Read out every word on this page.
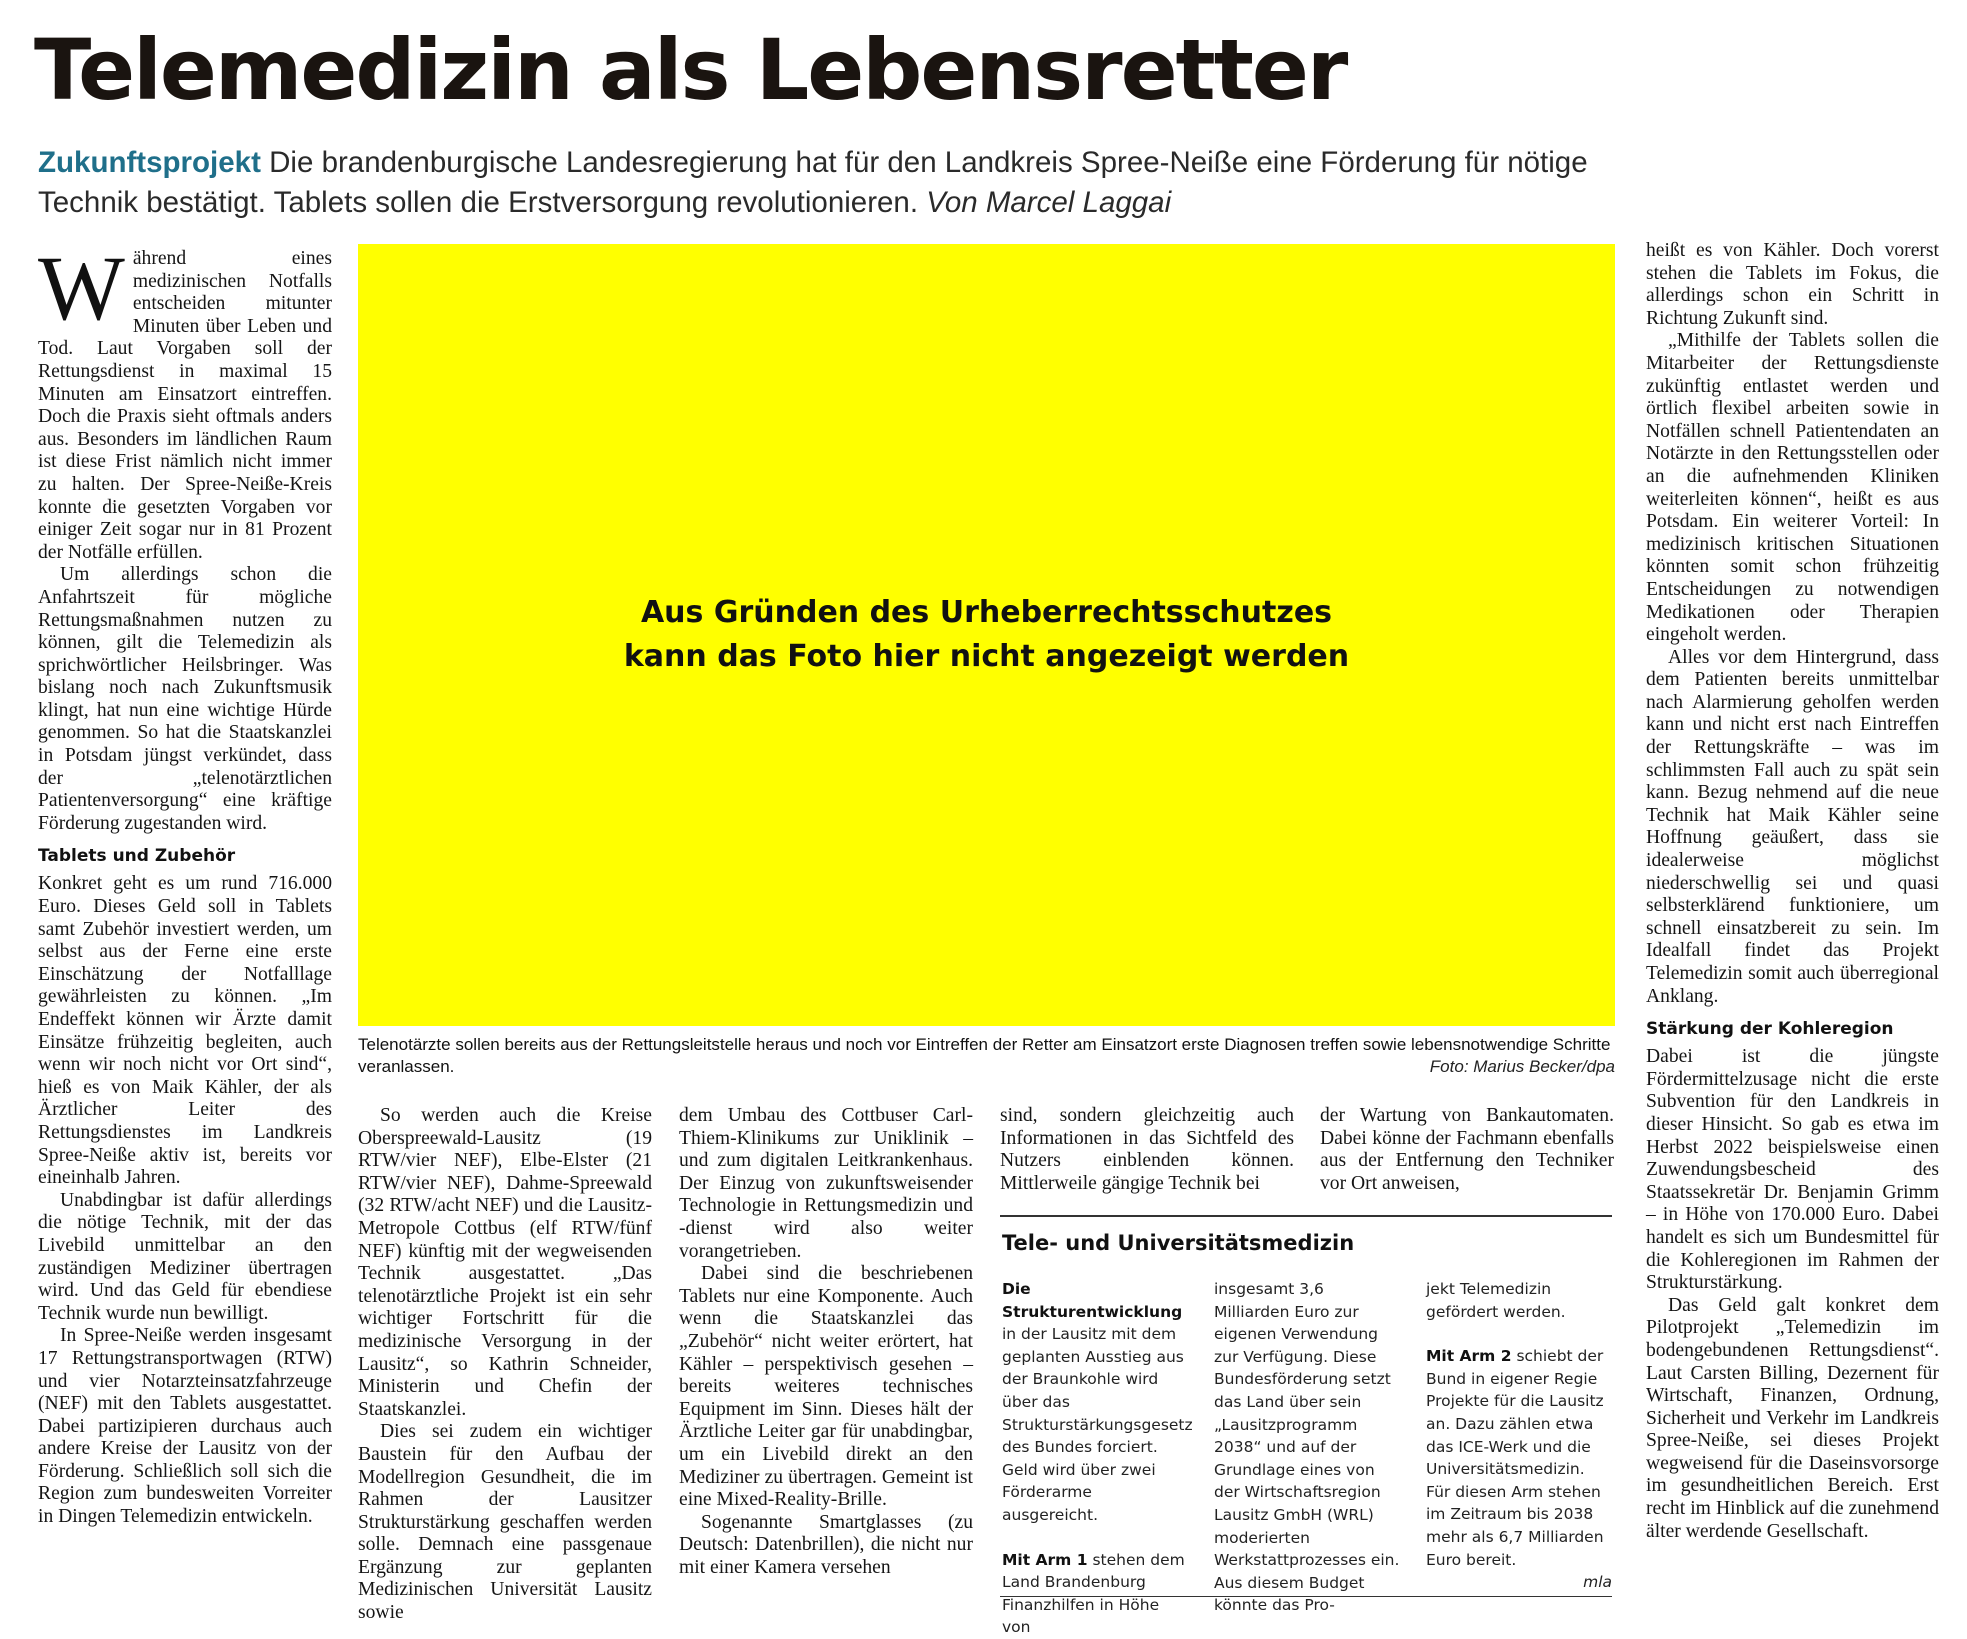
Telemedizin als Lebensretter
Zukunftsprojekt Die brandenburgische Landesregierung hat für den Landkreis Spree-Neiße eine Förderung für nötige Technik bestätigt. Tablets sollen die Erstversorgung revolutionieren. Von Marcel Laggai

Während eines medizinischen Notfalls entscheiden mitunter Minuten über Leben und Tod. Laut Vorgaben soll der Rettungsdienst in maximal 15 Minuten am Einsatzort eintreffen. Doch die Praxis sieht oftmals anders aus. Besonders im ländlichen Raum ist diese Frist nämlich nicht immer zu halten. Der Spree-Neiße-Kreis konnte die gesetzten Vorgaben vor einiger Zeit sogar nur in 81 Prozent der Notfälle erfüllen.

Um allerdings schon die Anfahrtszeit für mögliche Rettungsmaßnahmen nutzen zu können, gilt die Telemedizin als sprichwörtlicher Heilsbringer. Was bislang noch nach Zukunftsmusik klingt, hat nun eine wichtige Hürde genommen. So hat die Staatskanzlei in Potsdam jüngst verkündet, dass der „telenotärztlichen Patientenversorgung“ eine kräftige Förderung zugestanden wird.

Tablets und Zubehör

Konkret geht es um rund 716.000 Euro. Dieses Geld soll in Tablets samt Zubehör investiert werden, um selbst aus der Ferne eine erste Einschätzung der Notfalllage gewährleisten zu können. „Im Endeffekt können wir Ärzte damit Einsätze frühzeitig begleiten, auch wenn wir noch nicht vor Ort sind“, hieß es von Maik Kähler, der als Ärztlicher Leiter des Rettungsdienstes im Landkreis Spree-Neiße aktiv ist, bereits vor eineinhalb Jahren.

Unabdingbar ist dafür allerdings die nötige Technik, mit der das Livebild unmittelbar an den zuständigen Mediziner übertragen wird. Und das Geld für ebendiese Technik wurde nun bewilligt.

In Spree-Neiße werden insgesamt 17 Rettungstransportwagen (RTW) und vier Notarzteinsatzfahrzeuge (NEF) mit den Tablets ausgestattet. Dabei partizipieren durchaus auch andere Kreise der Lausitz von der Förderung. Schließlich soll sich die Region zum bundesweiten Vorreiter in Dingen Telemedizin entwickeln.

Aus Gründen des Urheberrechtsschutzes
kann das Foto hier nicht angezeigt werden
Telenotärzte sollen bereits aus der Rettungsleitstelle heraus und noch vor Eintreffen der Retter am Einsatzort erste Diagnosen treffen sowie lebensnotwendige Schritte veranlassen.	Foto: Marius Becker/dpa

So werden auch die Kreise Oberspreewald-Lausitz (19 RTW/vier NEF), Elbe-Elster (21 RTW/vier NEF), Dahme-Spreewald (32 RTW/acht NEF) und die Lausitz-Metropole Cottbus (elf RTW/fünf NEF) künftig mit der wegweisenden Technik ausgestattet. „Das telenotärztliche Projekt ist ein sehr wichtiger Fortschritt für die medizinische Versorgung in der Lausitz“, so Kathrin Schneider, Ministerin und Chefin der Staatskanzlei.

Dies sei zudem ein wichtiger Baustein für den Aufbau der Modellregion Gesundheit, die im Rahmen der Lausitzer Strukturstärkung geschaffen werden solle. Demnach eine passgenaue Ergänzung zur geplanten Medizinischen Universität Lausitz sowie

dem Umbau des Cottbuser Carl-Thiem-Klinikums zur Uniklinik – und zum digitalen Leitkrankenhaus. Der Einzug von zukunftsweisender Technologie in Rettungsmedizin und -dienst wird also weiter vorangetrieben.

Dabei sind die beschriebenen Tablets nur eine Komponente. Auch wenn die Staatskanzlei das „Zubehör“ nicht weiter erörtert, hat Kähler – perspektivisch gesehen – bereits weiteres technisches Equipment im Sinn. Dieses hält der Ärztliche Leiter gar für unabdingbar, um ein Livebild direkt an den Mediziner zu übertragen. Gemeint ist eine Mixed-Reality-Brille.

Sogenannte Smartglasses (zu Deutsch: Datenbrillen), die nicht nur mit einer Kamera versehen

sind, sondern gleichzeitig auch Informationen in das Sichtfeld des Nutzers einblenden können. Mittlerweile gängige Technik bei

der Wartung von Bankautomaten. Dabei könne der Fachmann ebenfalls aus der Entfernung den Techniker vor Ort anweisen,

Tele- und Universitätsmedizin

Die Strukturentwicklung in der Lausitz mit dem geplanten Ausstieg aus der Braunkohle wird über das Strukturstärkungsgesetz des Bundes forciert. Geld wird über zwei Förderarme ausgereicht.

Mit Arm 1 stehen dem Land Brandenburg Finanzhilfen in Höhe von

insgesamt 3,6 Milliarden Euro zur eigenen Verwendung zur Verfügung. Diese Bundesförderung setzt das Land über sein „Lausitzprogramm 2038“ und auf der Grundlage eines von der Wirtschaftsregion Lausitz GmbH (WRL) moderierten Werkstattprozesses ein. Aus diesem Budget könnte das Pro-

jekt Telemedizin gefördert werden.

Mit Arm 2 schiebt der Bund in eigener Regie Projekte für die Lausitz an. Dazu zählen etwa das ICE-Werk und die Universitätsmedizin. Für diesen Arm stehen im Zeitraum bis 2038 mehr als 6,7 Milliarden Euro bereit.

mla

heißt es von Kähler. Doch vorerst stehen die Tablets im Fokus, die allerdings schon ein Schritt in Richtung Zukunft sind.

„Mithilfe der Tablets sollen die Mitarbeiter der Rettungsdienste zukünftig entlastet werden und örtlich flexibel arbeiten sowie in Notfällen schnell Patientendaten an Notärzte in den Rettungsstellen oder an die aufnehmenden Kliniken weiterleiten können“, heißt es aus Potsdam. Ein weiterer Vorteil: In medizinisch kritischen Situationen könnten somit schon frühzeitig Entscheidungen zu notwendigen Medikationen oder Therapien eingeholt werden.

Alles vor dem Hintergrund, dass dem Patienten bereits unmittelbar nach Alarmierung geholfen werden kann und nicht erst nach Eintreffen der Rettungskräfte – was im schlimmsten Fall auch zu spät sein kann. Bezug nehmend auf die neue Technik hat Maik Kähler seine Hoffnung geäußert, dass sie idealerweise möglichst niederschwellig sei und quasi selbsterklärend funktioniere, um schnell einsatzbereit zu sein. Im Idealfall findet das Projekt Telemedizin somit auch überregional Anklang.

Stärkung der Kohleregion

Dabei ist die jüngste Fördermittelzusage nicht die erste Subvention für den Landkreis in dieser Hinsicht. So gab es etwa im Herbst 2022 beispielsweise einen Zuwendungsbescheid des Staatssekretär Dr. Benjamin Grimm – in Höhe von 170.000 Euro. Dabei handelt es sich um Bundesmittel für die Kohleregionen im Rahmen der Strukturstärkung.

Das Geld galt konkret dem Pilotprojekt „Telemedizin im bodengebundenen Rettungsdienst“. Laut Carsten Billing, Dezernent für Wirtschaft, Finanzen, Ordnung, Sicherheit und Verkehr im Landkreis Spree-Neiße, sei dieses Projekt wegweisend für die Daseinsvorsorge im gesundheitlichen Bereich. Erst recht im Hinblick auf die zunehmend älter werdende Gesellschaft.
